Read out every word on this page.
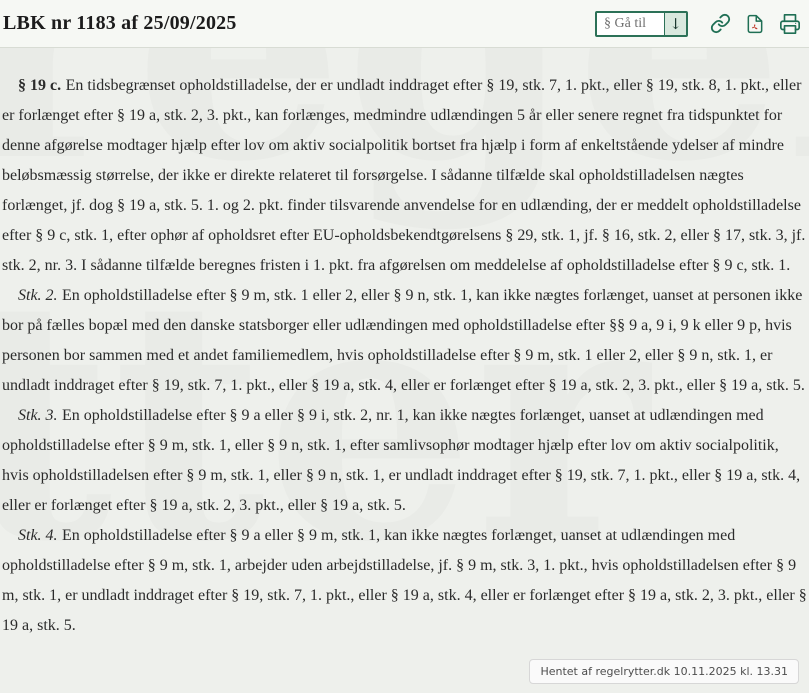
LBK nr 1183 af 25/09/2025
§ Gå til	↓

§ 19 c. En tidsbegrænset opholdstilladelse, der er undladt inddraget efter § 19, stk. 7, 1. pkt., eller § 19, stk. 8, 1. pkt., eller er forlænget efter § 19 a, stk. 2, 3. pkt., kan forlænges, medmindre udlændingen 5 år eller senere regnet fra tidspunktet for denne afgørelse modtager hjælp efter lov om aktiv socialpolitik bortset fra hjælp i form af enkeltstående ydelser af mindre beløbsmæssig størrelse, der ikke er direkte relateret til forsørgelse. I sådanne tilfælde skal opholdstilladelsen nægtes forlænget, jf. dog § 19 a, stk. 5. 1. og 2. pkt. finder tilsvarende anvendelse for en udlænding, der er meddelt opholdstilladelse efter § 9 c, stk. 1, efter ophør af opholdsret efter EU-opholdsbekendtgørelsens § 29, stk. 1, jf. § 16, stk. 2, eller § 17, stk. 3, jf. stk. 2, nr. 3. I sådanne tilfælde beregnes fristen i 1. pkt. fra afgørelsen om meddelelse af opholdstilladelse efter § 9 c, stk. 1.

Stk. 2. En opholdstilladelse efter § 9 m, stk. 1 eller 2, eller § 9 n, stk. 1, kan ikke nægtes forlænget, uanset at personen ikke bor på fælles bopæl med den danske statsborger eller udlændingen med opholdstilladelse efter §§ 9 a, 9 i, 9 k eller 9 p, hvis personen bor sammen med et andet familiemedlem, hvis opholdstilladelse efter § 9 m, stk. 1 eller 2, eller § 9 n, stk. 1, er undladt inddraget efter § 19, stk. 7, 1. pkt., eller § 19 a, stk. 4, eller er forlænget efter § 19 a, stk. 2, 3. pkt., eller § 19 a, stk. 5.

Stk. 3. En opholdstilladelse efter § 9 a eller § 9 i, stk. 2, nr. 1, kan ikke nægtes forlænget, uanset at udlændingen med opholdstilladelse efter § 9 m, stk. 1, eller § 9 n, stk. 1, efter samlivsophør modtager hjælp efter lov om aktiv socialpolitik, hvis opholdstilladelsen efter § 9 m, stk. 1, eller § 9 n, stk. 1, er undladt inddraget efter § 19, stk. 7, 1. pkt., eller § 19 a, stk. 4, eller er forlænget efter § 19 a, stk. 2, 3. pkt., eller § 19 a, stk. 5.

Stk. 4. En opholdstilladelse efter § 9 a eller § 9 m, stk. 1, kan ikke nægtes forlænget, uanset at udlændingen med opholdstilladelse efter § 9 m, stk. 1, arbejder uden arbejdstilladelse, jf. § 9 m, stk. 3, 1. pkt., hvis opholdstilladelsen efter § 9 m, stk. 1, er undladt inddraget efter § 19, stk. 7, 1. pkt., eller § 19 a, stk. 4, eller er forlænget efter § 19 a, stk. 2, 3. pkt., eller § 19 a, stk. 5.

Hentet af regelrytter.dk 10.11.2025 kl. 13.31
